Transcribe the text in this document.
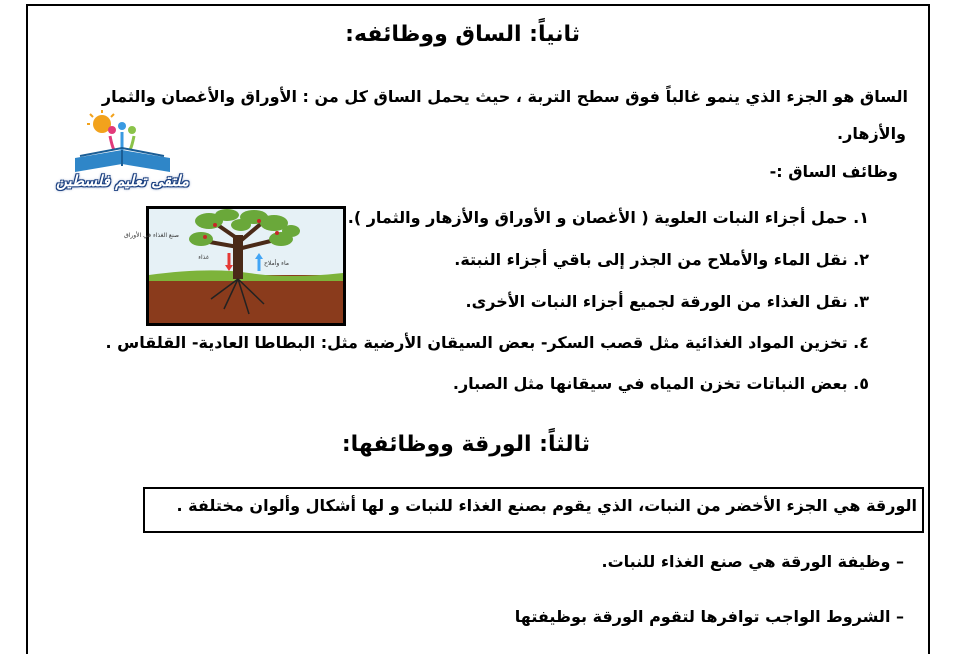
ثانياً: الساق ووظائفه:
الساق هو الجزء الذي ينمو غالباً فوق سطح التربة ، حيث يحمل الساق كل من : الأوراق والأغصان والثمار
والأزهار.
وظائف الساق :-
١. حمل أجزاء النبات العلوية ( الأغصان و الأوراق والأزهار والثمار ).
٢. نقل الماء والأملاح من الجذر إلى باقي أجزاء النبتة.
٣. نقل الغذاء من الورقة لجميع أجزاء النبات الأخرى.
٤. تخزين المواد الغذائية مثل قصب السكر- بعض السيقان الأرضية مثل: البطاطا العادية- القلقاس .
٥. بعض النباتات تخزن المياه في سيقانها مثل الصبار.
ثالثاً: الورقة ووظائفها:
الورقة هي الجزء الأخضر من النبات، الذي يقوم بصنع الغذاء للنبات و لها أشكال وألوان مختلفة .
– وظيفة الورقة هي صنع الغذاء للنبات.
– الشروط الواجب توافرها لتقوم الورقة بوظيفتها
ملتقى تعليم فلسطين
صنع الغذاء في الأوراق
غذاء
ماء وأملاح
